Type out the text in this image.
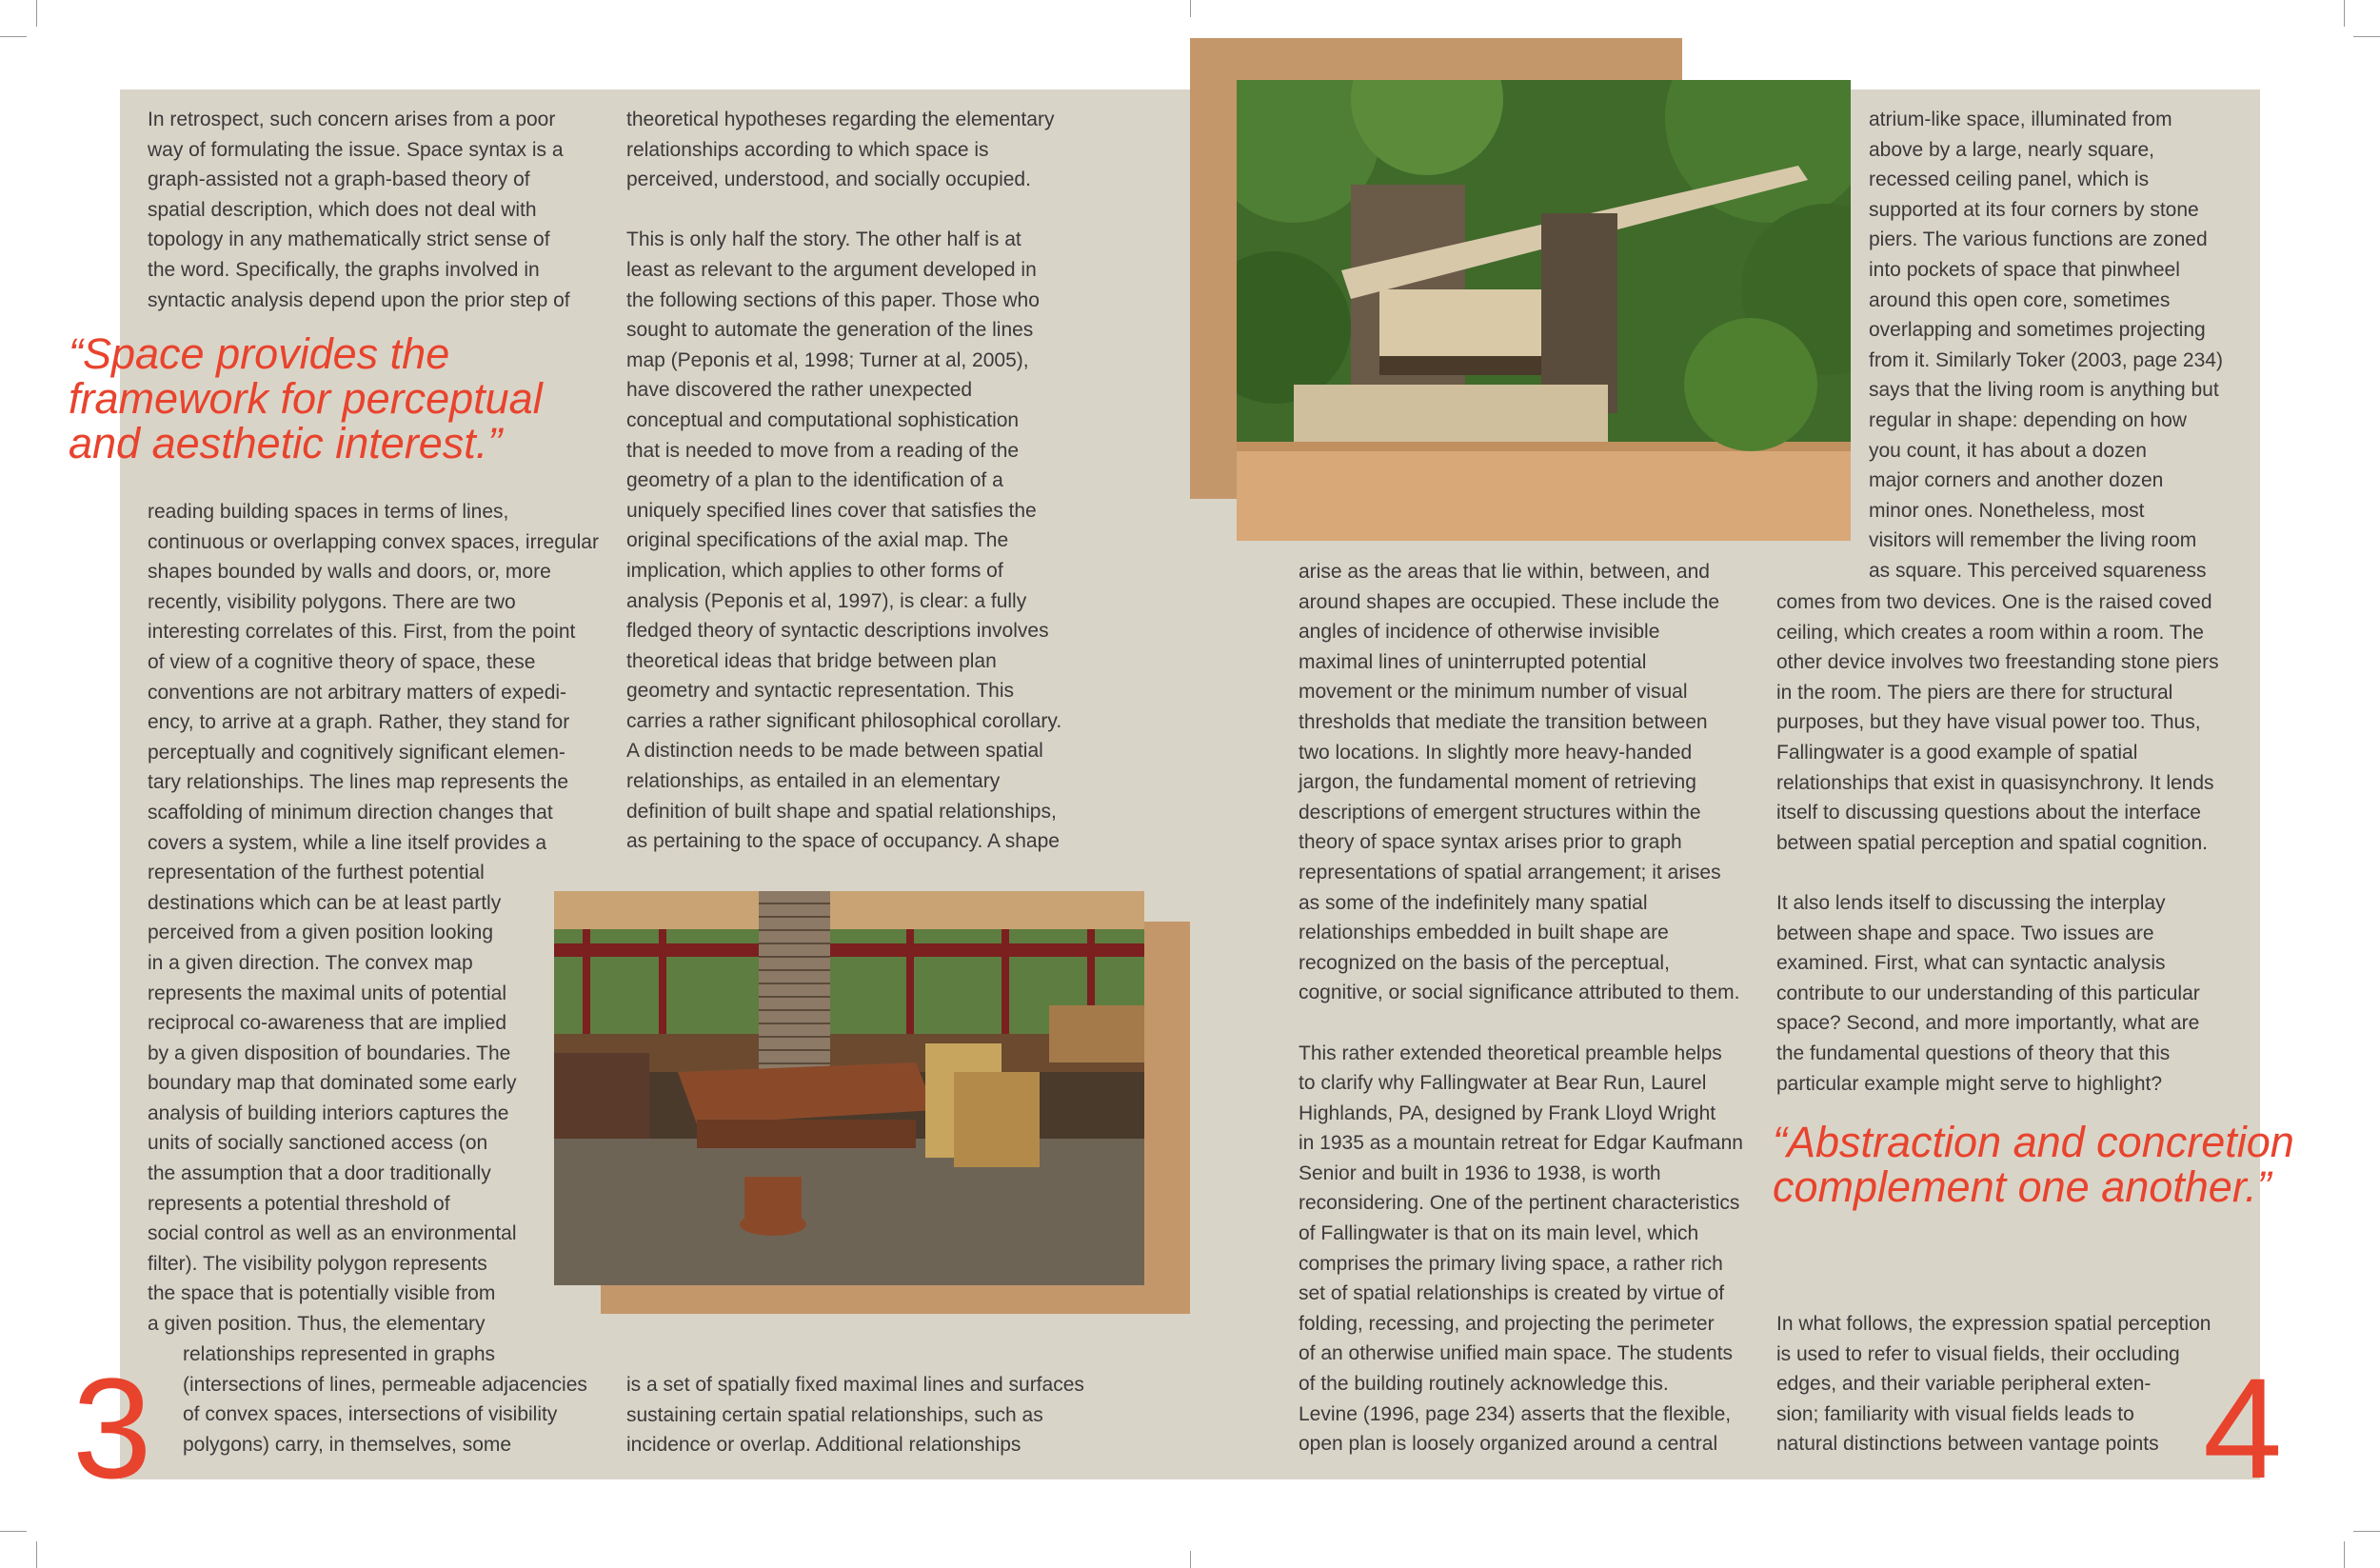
In retrospect, such concern arises from a poor

way of formulating the issue. Space syntax is a

graph-assisted not a graph-based theory of

spatial description, which does not deal with

topology in any mathematically strict sense of

the word. Specifically, the graphs involved in

syntactic analysis depend upon the prior step of

reading building spaces in terms of lines,

continuous or overlapping convex spaces, irregular

shapes bounded by walls and doors, or, more

recently, visibility polygons. There are two

interesting correlates of this. First, from the point

of view of a cognitive theory of space, these

conventions are not arbitrary matters of expedi-

ency, to arrive at a graph. Rather, they stand for

perceptually and cognitively significant elemen-

tary relationships. The lines map represents the

scaffolding of minimum direction changes that

covers a system, while a line itself provides a

representation of the furthest potential

destinations which can be at least partly

perceived from a given position looking

in a given direction. The convex map

represents the maximal units of potential

reciprocal co-awareness that are implied

by a given disposition of boundaries. The

boundary map that dominated some early

analysis of building interiors captures the

units of socially sanctioned access (on

the assumption that a door traditionally

represents a potential threshold of

social control as well as an environmental

filter). The visibility polygon represents

the space that is potentially visible from

a given position. Thus, the elementary

relationships represented in graphs

(intersections of lines, permeable adjacencies

of convex spaces, intersections of visibility

polygons) carry, in themselves, some

theoretical hypotheses regarding the elementary

relationships according to which space is

perceived, understood, and socially occupied.

This is only half the story. The other half is at

least as relevant to the argument developed in

the following sections of this paper. Those who

sought to automate the generation of the lines

map (Peponis et al, 1998; Turner at al, 2005),

have discovered the rather unexpected

conceptual and computational sophistication

that is needed to move from a reading of the

geometry of a plan to the identification of a

uniquely specified lines cover that satisfies the

original specifications of the axial map. The

implication, which applies to other forms of

analysis (Peponis et al, 1997), is clear: a fully

fledged theory of syntactic descriptions involves

theoretical ideas that bridge between plan

geometry and syntactic representation. This

carries a rather significant philosophical corollary.

A distinction needs to be made between spatial

relationships, as entailed in an elementary

definition of built shape and spatial relationships,

as pertaining to the space of occupancy. A shape

is a set of spatially fixed maximal lines and surfaces

sustaining certain spatial relationships, such as

incidence or overlap. Additional relationships

arise as the areas that lie within, between, and

around shapes are occupied. These include the

angles of incidence of otherwise invisible

maximal lines of uninterrupted potential

movement or the minimum number of visual

thresholds that mediate the transition between

two locations. In slightly more heavy-handed

jargon, the fundamental moment of retrieving

descriptions of emergent structures within the

theory of space syntax arises prior to graph

representations of spatial arrangement; it arises

as some of the indefinitely many spatial

relationships embedded in built shape are

recognized on the basis of the perceptual,

cognitive, or social significance attributed to them.

This rather extended theoretical preamble helps

to clarify why Fallingwater at Bear Run, Laurel

Highlands, PA, designed by Frank Lloyd Wright

in 1935 as a mountain retreat for Edgar Kaufmann

Senior and built in 1936 to 1938, is worth

reconsidering. One of the pertinent characteristics

of Fallingwater is that on its main level, which

comprises the primary living space, a rather rich

set of spatial relationships is created by virtue of

folding, recessing, and projecting the perimeter

of an otherwise unified main space. The students

of the building routinely acknowledge this.

Levine (1996, page 234) asserts that the flexible,

open plan is loosely organized around a central

atrium-like space, illuminated from

above by a large, nearly square,

recessed ceiling panel, which is

supported at its four corners by stone

piers. The various functions are zoned

into pockets of space that pinwheel

around this open core, sometimes

overlapping and sometimes projecting

from it. Similarly Toker (2003, page 234)

says that the living room is anything but

regular in shape: depending on how

you count, it has about a dozen

major corners and another dozen

minor ones. Nonetheless, most

visitors will remember the living room

as square. This perceived squareness

comes from two devices. One is the raised coved

ceiling, which creates a room within a room. The

other device involves two freestanding stone piers

in the room. The piers are there for structural

purposes, but they have visual power too. Thus,

Fallingwater is a good example of spatial

relationships that exist in quasisynchrony. It lends

itself to discussing questions about the interface

between spatial perception and spatial cognition.

It also lends itself to discussing the interplay

between shape and space. Two issues are

examined. First, what can syntactic analysis

contribute to our understanding of this particular

space? Second, and more importantly, what are

the fundamental questions of theory that this

particular example might serve to highlight?

In what follows, the expression spatial perception

is used to refer to visual fields, their occluding

edges, and their variable peripheral exten-

sion; familiarity with visual fields leads to

natural distinctions between vantage points

“Space provides the
framework for perceptual
and aesthetic interest.”
“Abstraction and concretion
complement one another.”
3	4
